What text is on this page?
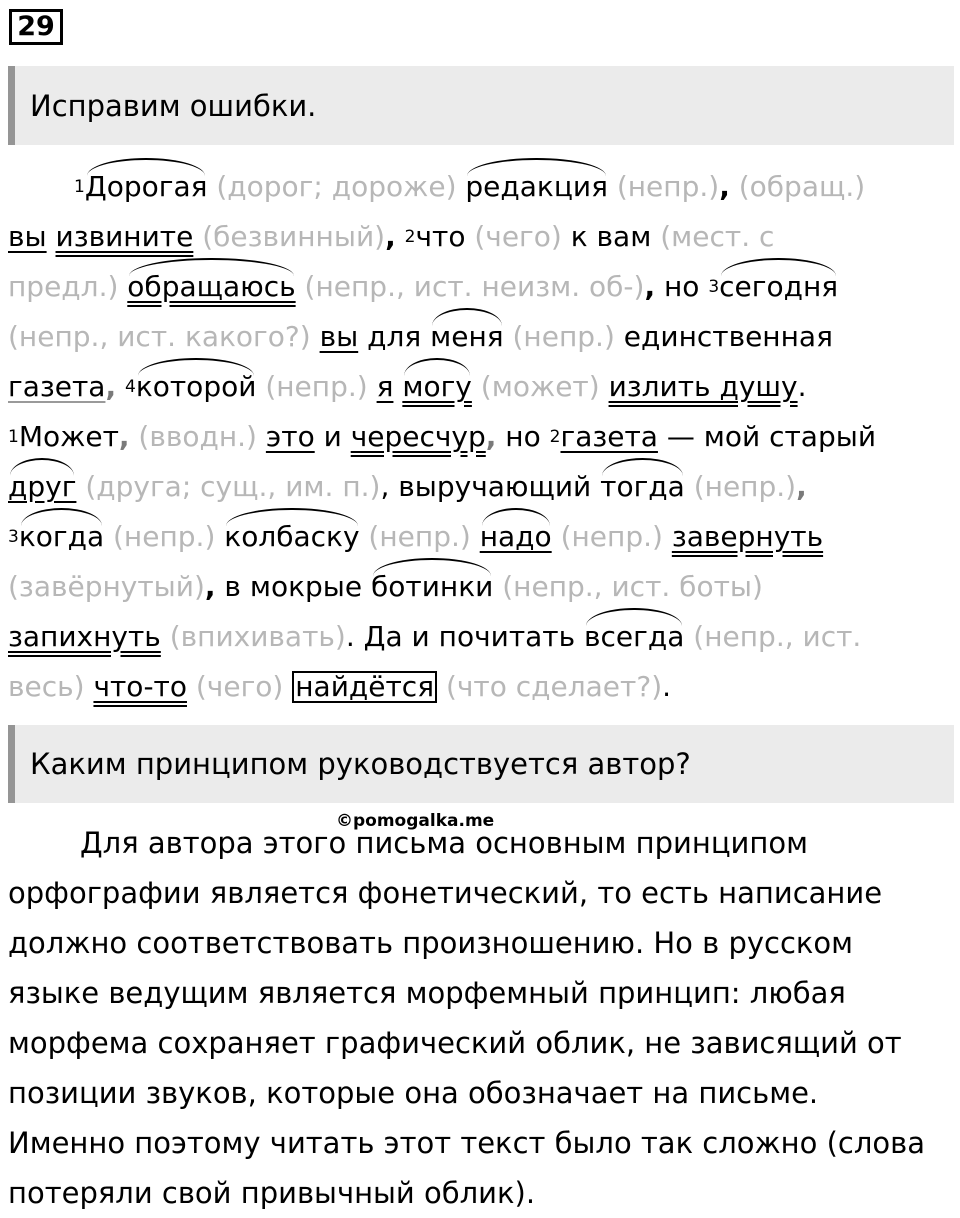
29
Исправим ошибки.
$^1$Дорогая (дорог; дороже) редакция (непр.), (обращ.)
вы извините (безвинный), $^2$что (чего) к вам (мест. с
предл.) обращаюсь (непр., ист. неизм. об-), но $^3$сегодня
(непр., ист. какого?) вы для меня (непр.) единственная
газета, $^4$которой (непр.) я могу (может) излить душу.
$^1$Может, (вводн.) это и чересчур, но $^2$газета — мой старый
друг (друга; сущ., им. п.), выручающий тогда (непр.),
$^3$когда (непр.) колбаску (непр.) надо (непр.) завернуть
(завёрнутый), в мокрые ботинки (непр., ист. боты)
запихнуть (впихивать). Да и почитать всегда (непр., ист.
весь) что-то (чего) найдётся (что сделает?).
Каким принципом руководствуется автор?
©pomogalka.me
Для автора этого письма основным принципом
орфографии является фонетический, то есть написание
должно соответствовать произношению. Но в русском
языке ведущим является морфемный принцип: любая
морфема сохраняет графический облик, не зависящий от
позиции звуков, которые она обозначает на письме.
Именно поэтому читать этот текст было так сложно (слова
потеряли свой привычный облик).
